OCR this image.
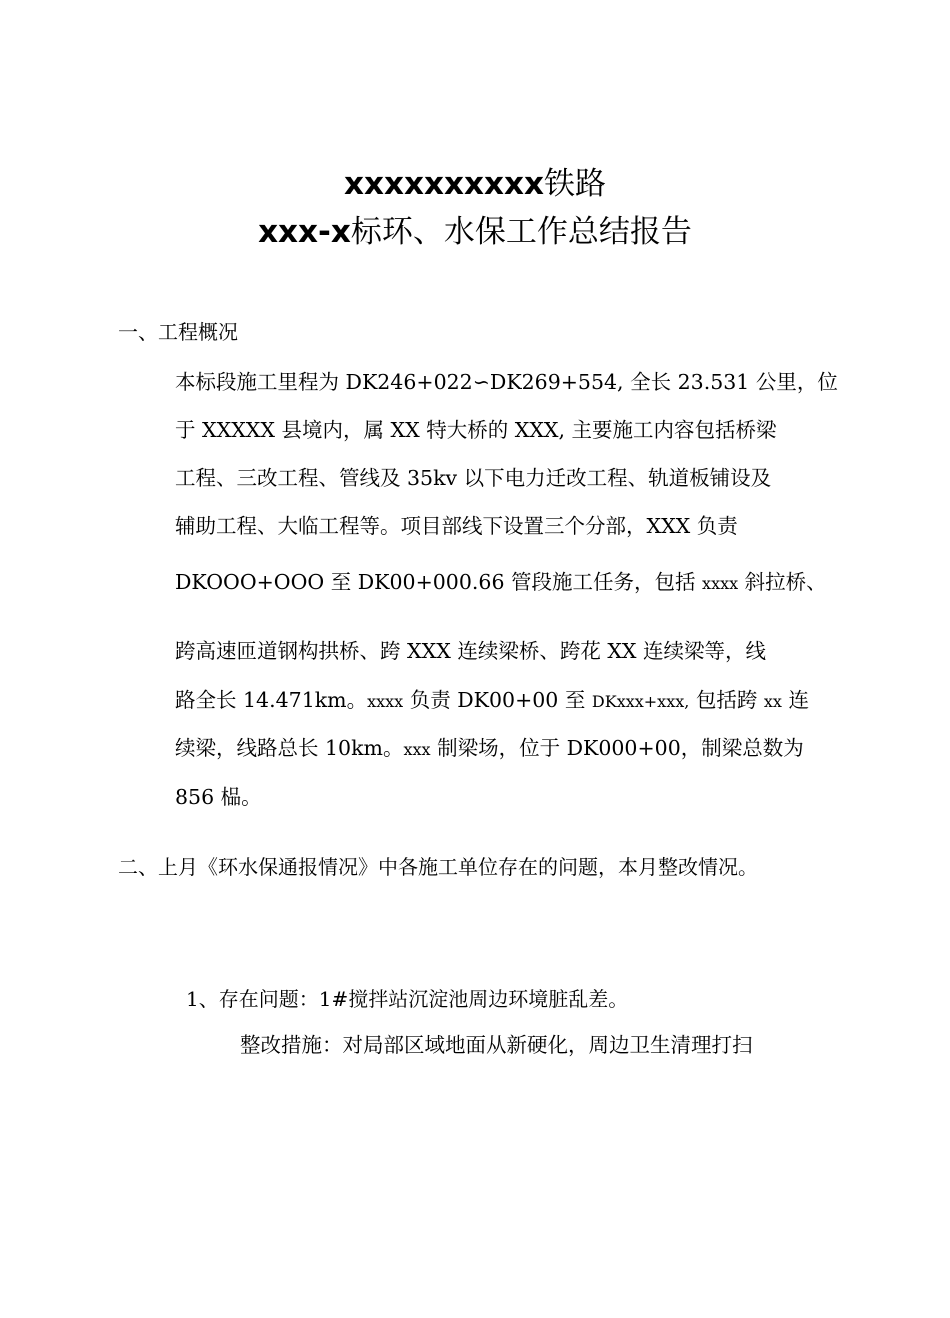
xxxxxxxxxx铁路
xxx-x标环、水保工作总结报告
一、工程概况
本标段施工里程为 DK246+022∽DK269+554, 全长 23.531 公里，位
于 XXXXX 县境内，属 XX 特大桥的 XXX, 主要施工内容包括桥梁
工程、三改工程、管线及 35kv 以下电力迁改工程、轨道板铺设及
辅助工程、大临工程等。项目部线下设置三个分部，XXX 负责
DKOOO+OOO 至 DK00+000.66 管段施工任务，包括 xxxx 斜拉桥、
跨高速匝道钢构拱桥、跨 XXX 连续梁桥、跨花 XX 连续梁等，线
路全长 14.471km。xxxx 负责 DK00+00 至 DKxxx+xxx, 包括跨 xx 连
续梁，线路总长 10km。xxx 制梁场，位于 DK000+00，制梁总数为
856 榀。
二、上月《环水保通报情况》中各施工单位存在的问题，本月整改情况。
1、存在问题：1#搅拌站沉淀池周边环境脏乱差。
整改措施：对局部区域地面从新硬化，周边卫生清理打扫
